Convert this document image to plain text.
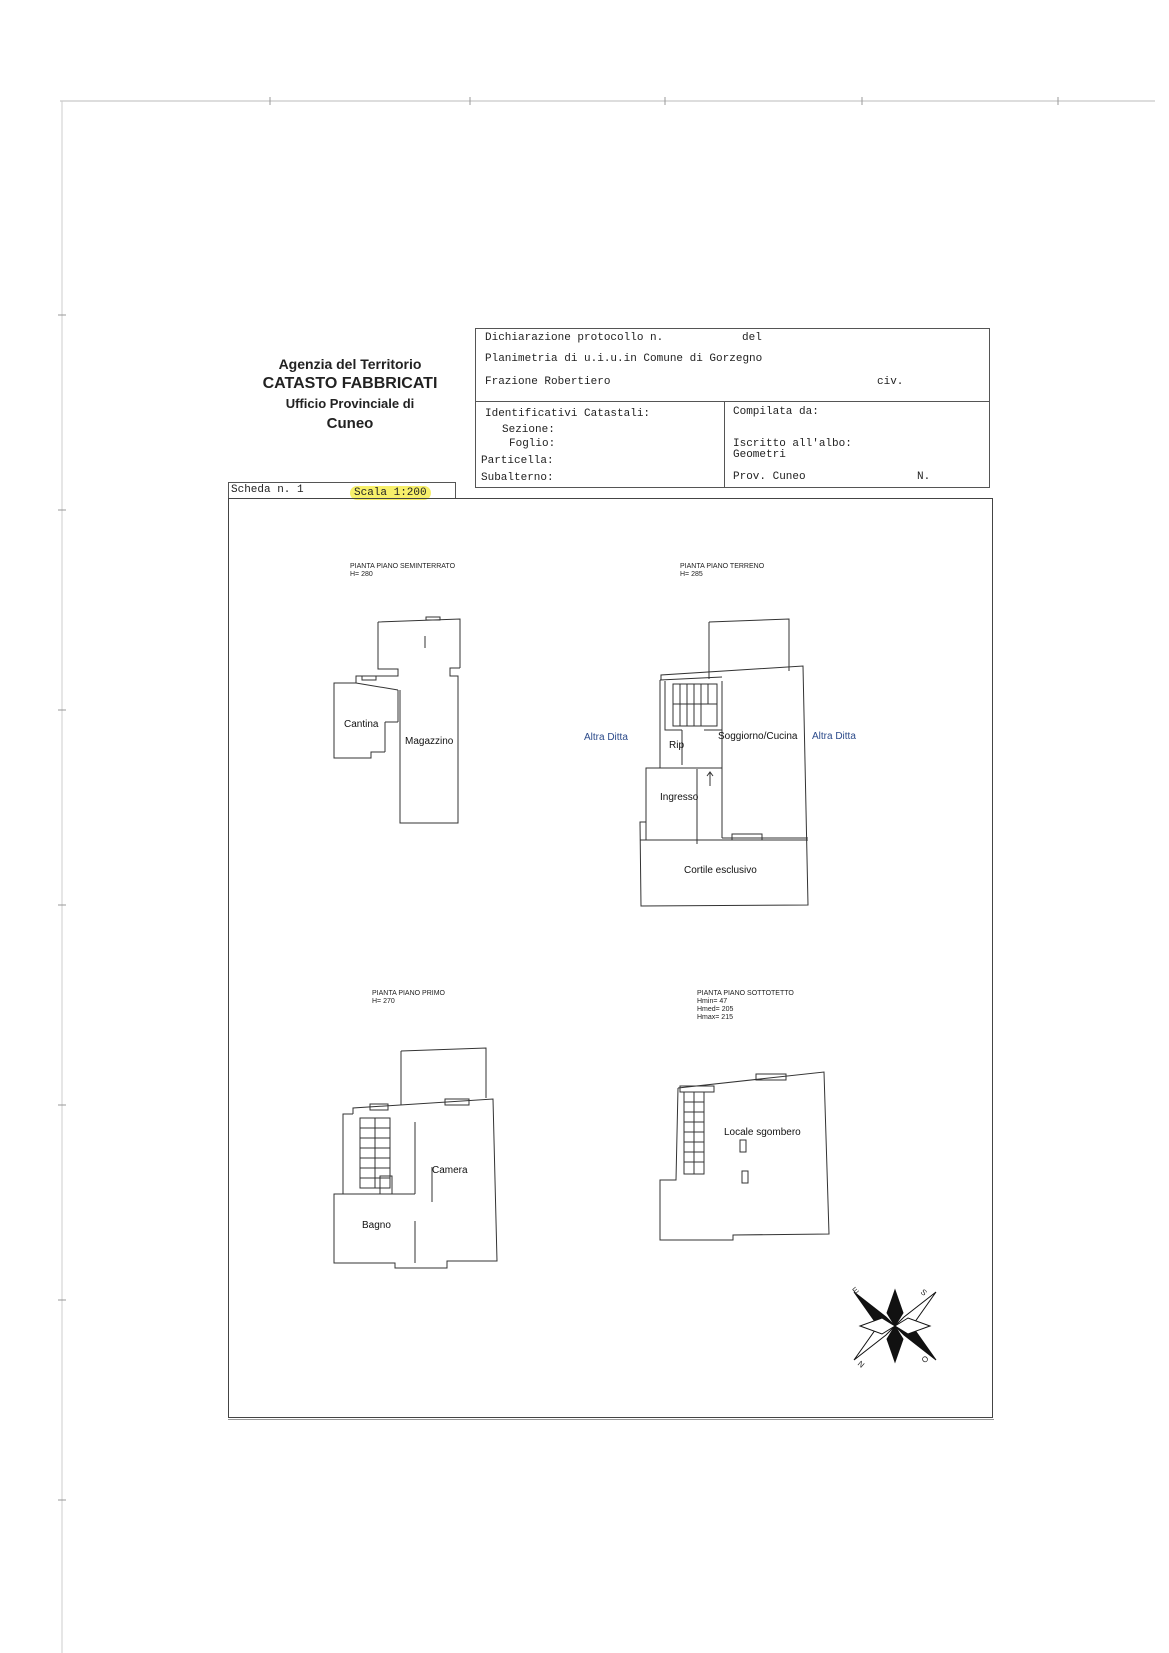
Agenzia del Territorio
CATASTO FABBRICATI
Ufficio Provinciale di
Cuneo
Dichiarazione protocollo n.	del
Planimetria di u.i.u.in Comune di Gorzegno
Frazione Robertiero	civ.
Identificativi Catastali:
Sezione:
Foglio:
Particella:
Subalterno:
Compilata da:
Iscritto all'albo:
Geometri
Prov. Cuneo	N.
Scheda n. 1	Scala 1:200
PIANTA PIANO SEMINTERRATO
H= 280
PIANTA PIANO TERRENO
H= 285
PIANTA PIANO PRIMO
H= 270
PIANTA PIANO SOTTOTETTO
Hmin= 47
Hmed= 205
Hmax= 215
Cantina
Magazzino	Altra Ditta	Altra Ditta
Rip
Soggiorno/Cucina
Ingresso
Cortile esclusivo
Camera
Bagno
Locale sgombero
E	S
N	O
